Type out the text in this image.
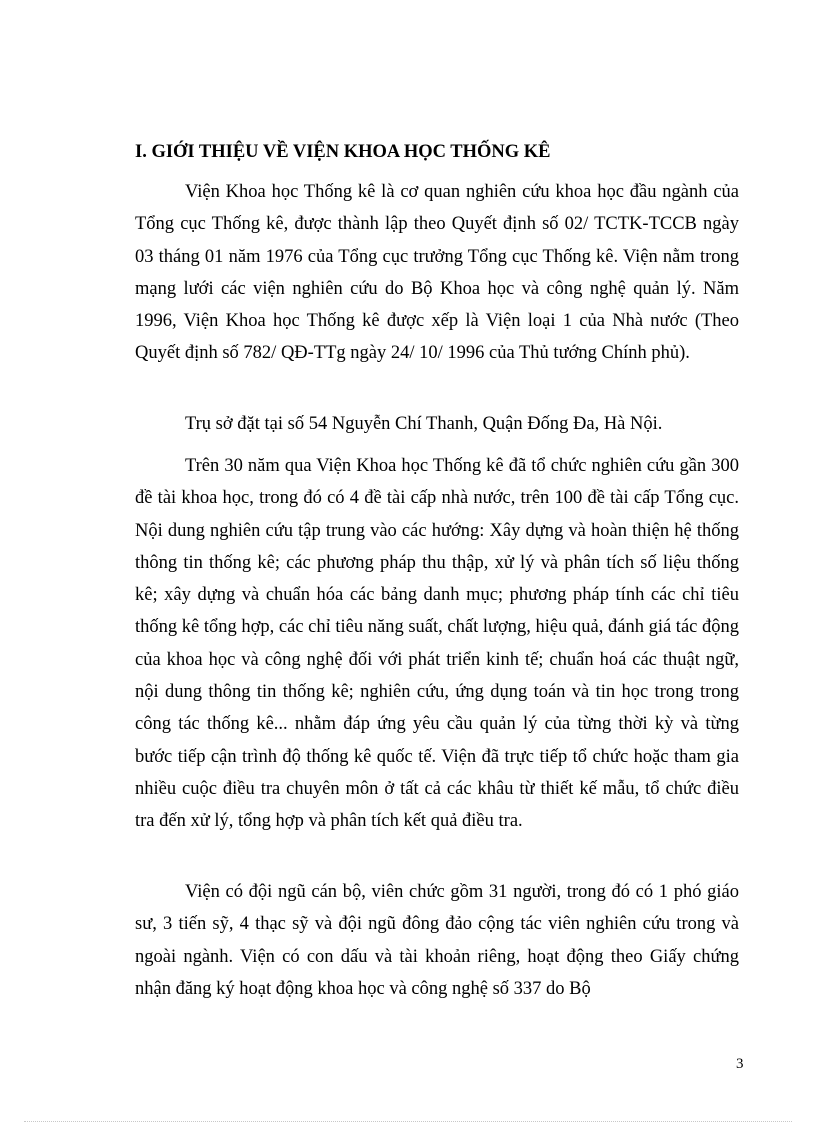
I. GIỚI THIỆU VỀ VIỆN KHOA HỌC THỐNG KÊ

Viện Khoa học Thống kê là cơ quan nghiên cứu khoa học đầu ngành của Tổng cục Thống kê, được thành lập theo Quyết định số 02/ TCTK-TCCB ngày 03 tháng 01 năm 1976 của Tổng cục trưởng Tổng cục Thống kê. Viện nằm trong mạng lưới các viện nghiên cứu do Bộ Khoa học và công nghệ quản lý. Năm 1996, Viện Khoa học Thống kê được xếp là Viện loại 1 của Nhà nước (Theo Quyết định số 782/ QĐ-TTg ngày 24/ 10/ 1996 của Thủ tướng Chính phủ).

Trụ sở đặt tại số 54 Nguyễn Chí Thanh, Quận Đống Đa, Hà Nội.

Trên 30 năm qua Viện Khoa học Thống kê đã tổ chức nghiên cứu gần 300 đề tài khoa học, trong đó có 4 đề tài cấp nhà nước, trên 100 đề tài cấp Tổng cục. Nội dung nghiên cứu tập trung vào các hướng: Xây dựng và hoàn thiện hệ thống thông tin thống kê; các phương pháp thu thập, xử lý và phân tích số liệu thống kê; xây dựng và chuẩn hóa các bảng danh mục; phương pháp tính các chỉ tiêu thống kê tổng hợp, các chỉ tiêu năng suất, chất lượng, hiệu quả, đánh giá tác động của khoa học và công nghệ đối với phát triển kinh tế; chuẩn hoá các thuật ngữ, nội dung thông tin thống kê; nghiên cứu, ứng dụng toán và tin học trong trong công tác thống kê... nhằm đáp ứng yêu cầu quản lý của từng thời kỳ và từng bước tiếp cận trình độ thống kê quốc tế. Viện đã trực tiếp tổ chức hoặc tham gia nhiều cuộc điều tra chuyên môn ở tất cả các khâu từ thiết kế mẫu, tổ chức điều tra đến xử lý, tổng hợp và phân tích kết quả điều tra.

Viện có đội ngũ cán bộ, viên chức gồm 31 người, trong đó có 1 phó giáo sư, 3 tiến sỹ, 4 thạc sỹ và đội ngũ đông đảo cộng tác viên nghiên cứu trong và ngoài ngành. Viện có con dấu và tài khoản riêng, hoạt động theo Giấy chứng nhận đăng ký hoạt động khoa học và công nghệ số 337 do Bộ

3
